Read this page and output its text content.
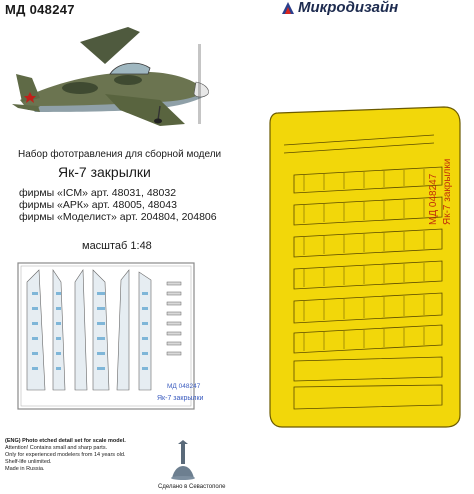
МД 048247	Микродизайн
Набор фототравления для сборной модели
Як-7 закрылки
фирмы «ICM» арт. 48031, 48032
фирмы «АРК» арт. 48005, 48043
фирмы «Моделист» арт. 204804, 204806
масштаб 1:48
МД 048247
Як-7 закрылки
МД 048247 Як-7 закрылки
(ENG) Photo etched detail set for scale model.
Attention! Contains small and sharp parts.
Only for experienced modelers from 14 years old.
Shelf-life unlimited.
Made in Russia.
Сделано в Севастополе
